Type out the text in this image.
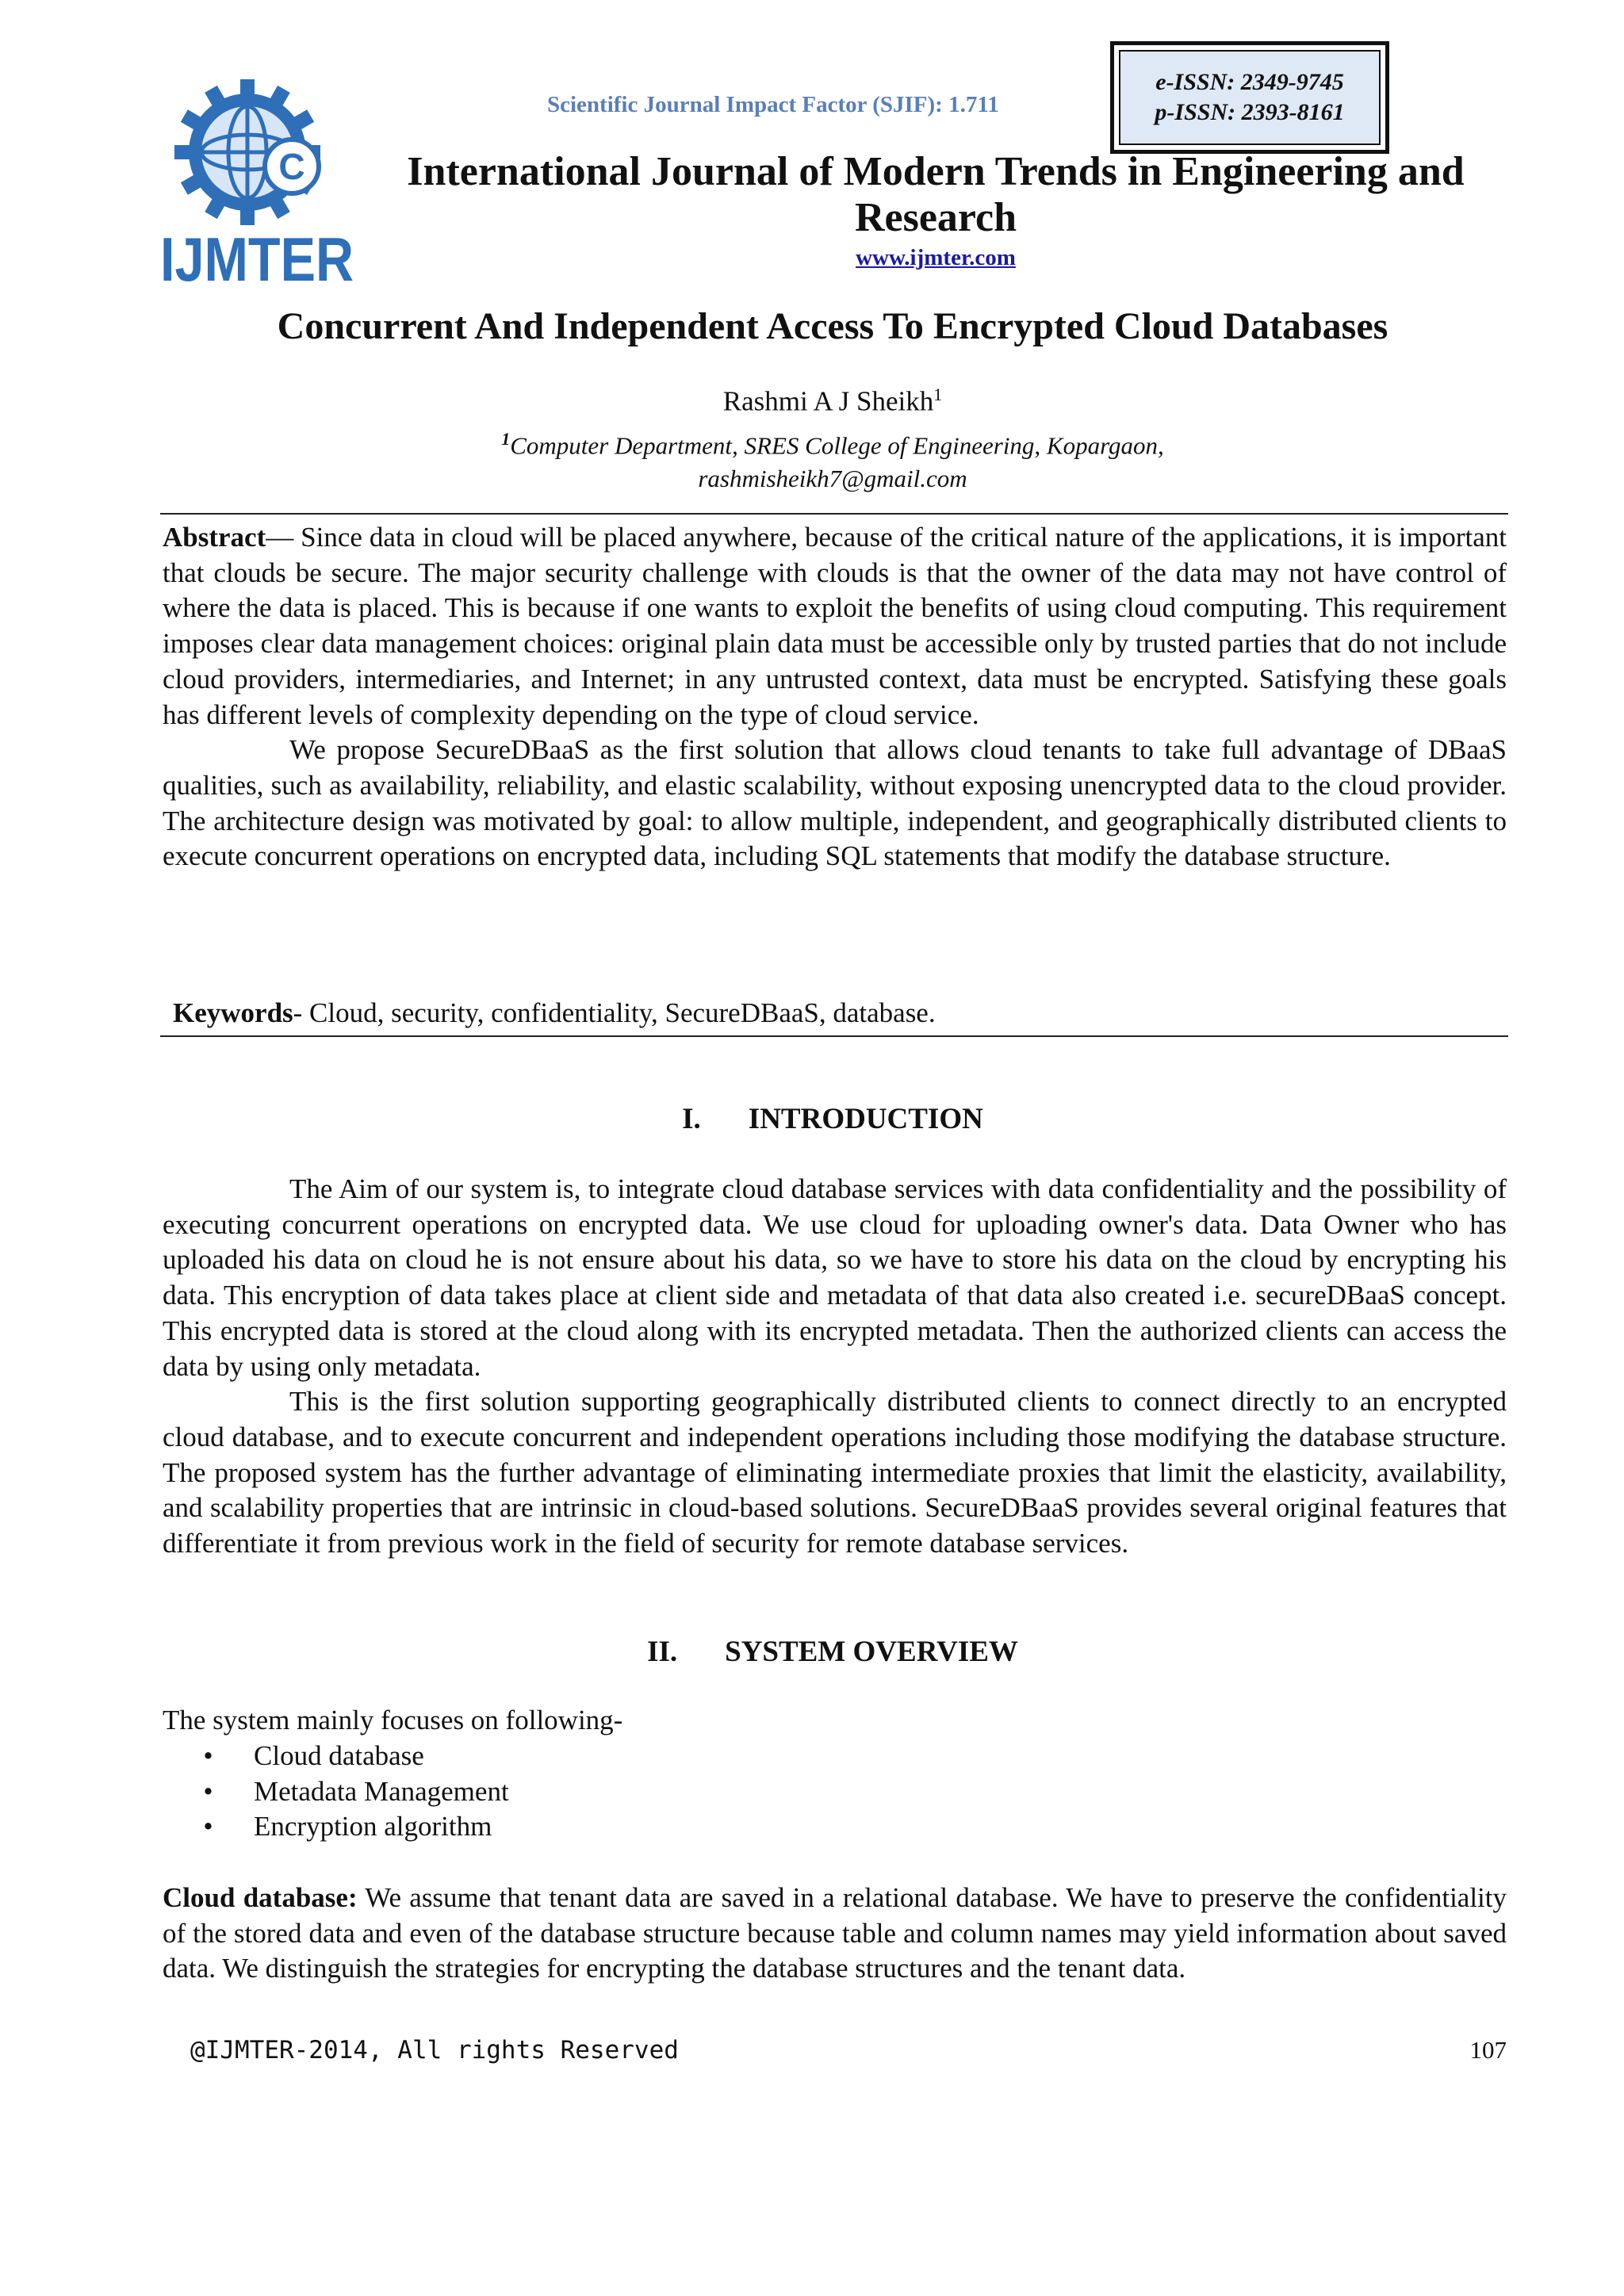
C
IJMTER
Scientific Journal Impact Factor (SJIF): 1.711
e-ISSN: 2349-9745
p-ISSN: 2393-8161
International Journal of Modern Trends in Engineering and Research
www.ijmter.com
Concurrent And Independent Access To Encrypted Cloud Databases
Rashmi A J Sheikh$^1$
$^1$Computer Department, SRES College of Engineering, Kopargaon,
rashmisheikh7@gmail.com

Abstract— Since data in cloud will be placed anywhere, because of the critical nature of the applications, it is important that clouds be secure. The major security challenge with clouds is that the owner of the data may not have control of where the data is placed. This is because if one wants to exploit the benefits of using cloud computing. This requirement imposes clear data management choices: original plain data must be accessible only by trusted parties that do not include cloud providers, intermediaries, and Internet; in any untrusted context, data must be encrypted. Satisfying these goals has different levels of complexity depending on the type of cloud service.

We propose SecureDBaaS as the first solution that allows cloud tenants to take full advantage of DBaaS qualities, such as availability, reliability, and elastic scalability, without exposing unencrypted data to the cloud provider. The architecture design was motivated by goal: to allow multiple, independent, and geographically distributed clients to execute concurrent operations on encrypted data, including SQL statements that modify the database structure.

Keywords- Cloud, security, confidentiality, SecureDBaaS, database.
I. INTRODUCTION

The Aim of our system is, to integrate cloud database services with data confidentiality and the possibility of executing concurrent operations on encrypted data. We use cloud for uploading owner's data. Data Owner who has uploaded his data on cloud he is not ensure about his data, so we have to store his data on the cloud by encrypting his data. This encryption of data takes place at client side and metadata of that data also created i.e. secureDBaaS concept. This encrypted data is stored at the cloud along with its encrypted metadata. Then the authorized clients can access the data by using only metadata.

This is the first solution supporting geographically distributed clients to connect directly to an encrypted cloud database, and to execute concurrent and independent operations including those modifying the database structure. The proposed system has the further advantage of eliminating intermediate proxies that limit the elasticity, availability, and scalability properties that are intrinsic in cloud-based solutions. SecureDBaaS provides several original features that differentiate it from previous work in the field of security for remote database services.

II. SYSTEM OVERVIEW
The system mainly focuses on following-
•	Cloud database
•	Metadata Management
•	Encryption algorithm

Cloud database: We assume that tenant data are saved in a relational database. We have to preserve the confidentiality of the stored data and even of the database structure because table and column names may yield information about saved data. We distinguish the strategies for encrypting the database structures and the tenant data.

@IJMTER-2014, All rights Reserved	107
